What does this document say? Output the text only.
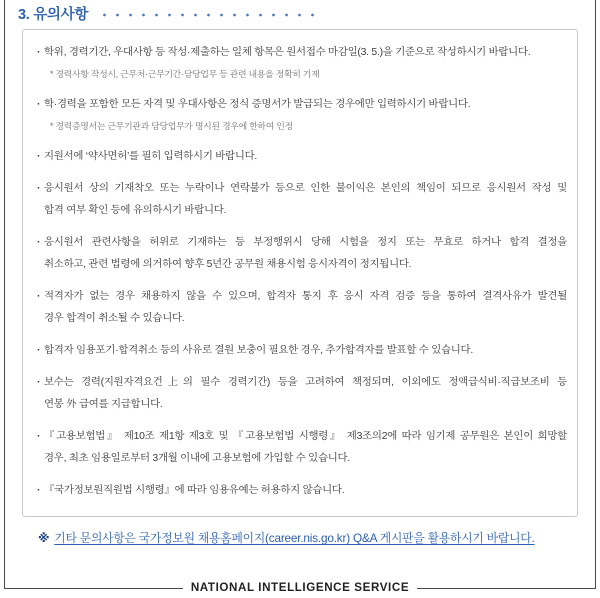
3. 유의사항
· 학위, 경력기간, 우대사항 등 작성·제출하는 일체 항목은 원서접수 마감일(3. 5.)을 기준으로 작성하시기 바랍니다.
* 경력사항 작성시, 근무처·근무기간·담당업무 등 관련 내용을 정확히 기재
· 학·경력을 포함한 모든 자격 및 우대사항은 정식 증명서가 발급되는 경우에만 입력하시기 바랍니다.
* 경력증명서는 근무기관과 담당업무가 명시된 경우에 한하여 인정
· 지원서에 ‘약사면허’를 필히 입력하시기 바랍니다.
· 응시원서 상의 기재착오 또는 누락이나 연락불가 등으로 인한 불이익은 본인의 책임이 되므로 응시원서 작성 및
합격 여부 확인 등에 유의하시기 바랍니다.
· 응시원서 관련사항을 허위로 기재하는 등 부정행위시 당해 시험을 정지 또는 무효로 하거나 합격 결정을
취소하고, 관련 법령에 의거하여 향후 5년간 공무원 채용시험 응시자격이 정지됩니다.
· 적격자가 없는 경우 채용하지 않을 수 있으며, 합격자 통지 후 응시 자격 검증 등을 통하여 결격사유가 발견될
경우 합격이 취소될 수 있습니다.
· 합격자 임용포기·합격취소 등의 사유로 결원 보충이 필요한 경우, 추가합격자를 발표할 수 있습니다.
· 보수는 경력(지원자격요건上의 필수 경력기간) 등을 고려하여 책정되며, 이외에도 정액급식비·직급보조비 등
연봉 外 급여를 지급합니다.
· 『고용보험법』 제10조 제1항 제3호 및 『고용보험법 시행령』 제3조의2에 따라 임기제 공무원은 본인이 희망할
경우, 최초 임용일로부터 3개월 이내에 고용보험에 가입할 수 있습니다.
· 『국가정보원직원법 시행령』에 따라 임용유예는 허용하지 않습니다.
※ 기타 문의사항은 국가정보원 채용홈페이지(career.nis.go.kr) Q&A 게시판을 활용하시기 바랍니다.
NATIONAL INTELLIGENCE SERVICE
